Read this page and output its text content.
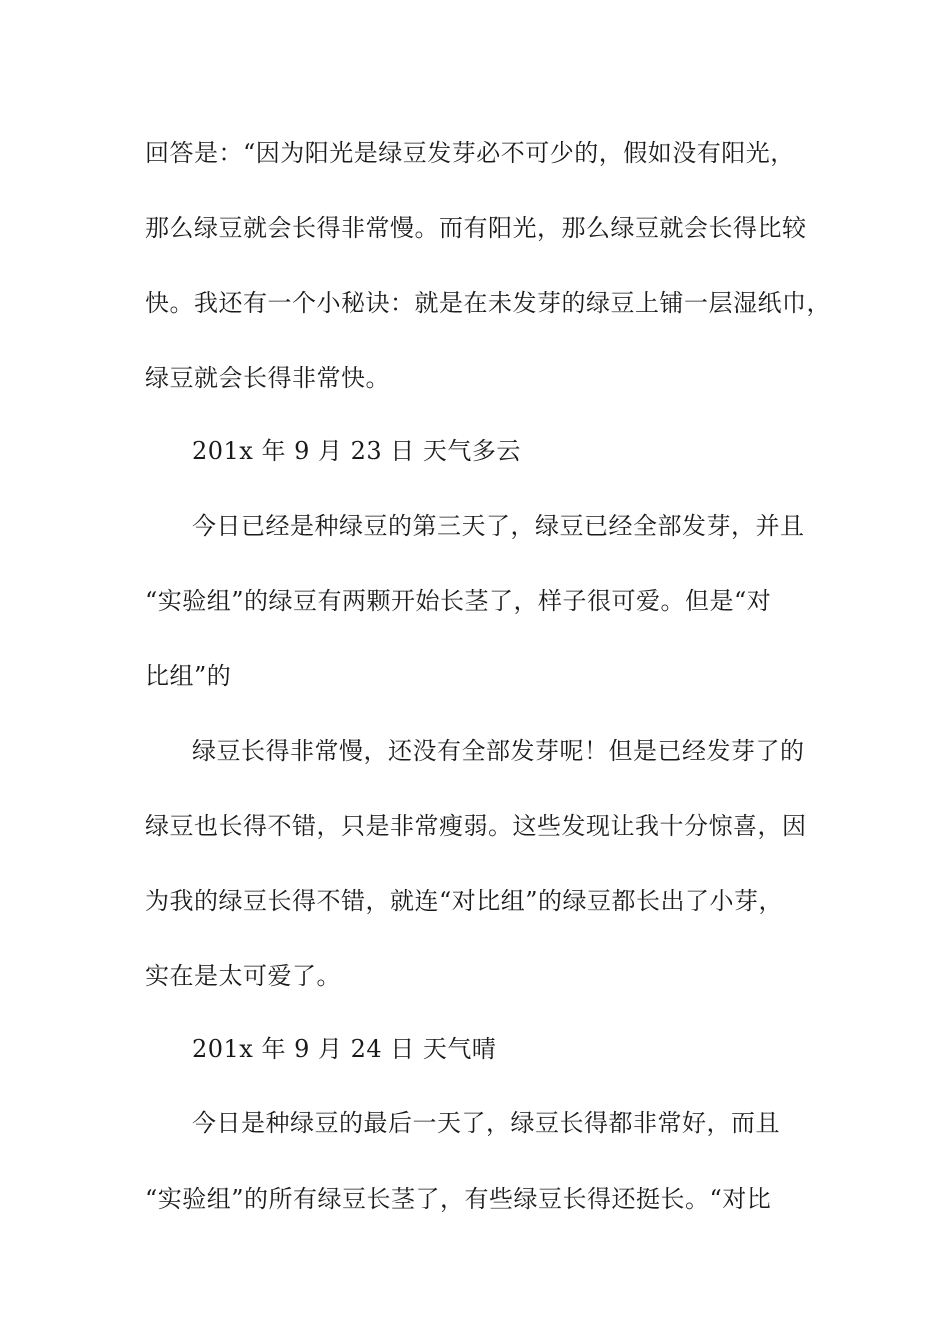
回答是：“因为阳光是绿豆发芽必不可少的，假如没有阳光，
那么绿豆就会长得非常慢。而有阳光，那么绿豆就会长得比较
快。我还有一个小秘诀：就是在未发芽的绿豆上铺一层湿纸巾，
绿豆就会长得非常快。
201x 年 9 月 23 日 天气多云
今日已经是种绿豆的第三天了，绿豆已经全部发芽，并且
“实验组”的绿豆有两颗开始长茎了，样子很可爱。但是“对
比组”的
绿豆长得非常慢，还没有全部发芽呢！但是已经发芽了的
绿豆也长得不错，只是非常瘦弱。这些发现让我十分惊喜，因
为我的绿豆长得不错，就连“对比组”的绿豆都长出了小芽，
实在是太可爱了。
201x 年 9 月 24 日 天气晴
今日是种绿豆的最后一天了，绿豆长得都非常好，而且
“实验组”的所有绿豆长茎了，有些绿豆长得还挺长。“对比
